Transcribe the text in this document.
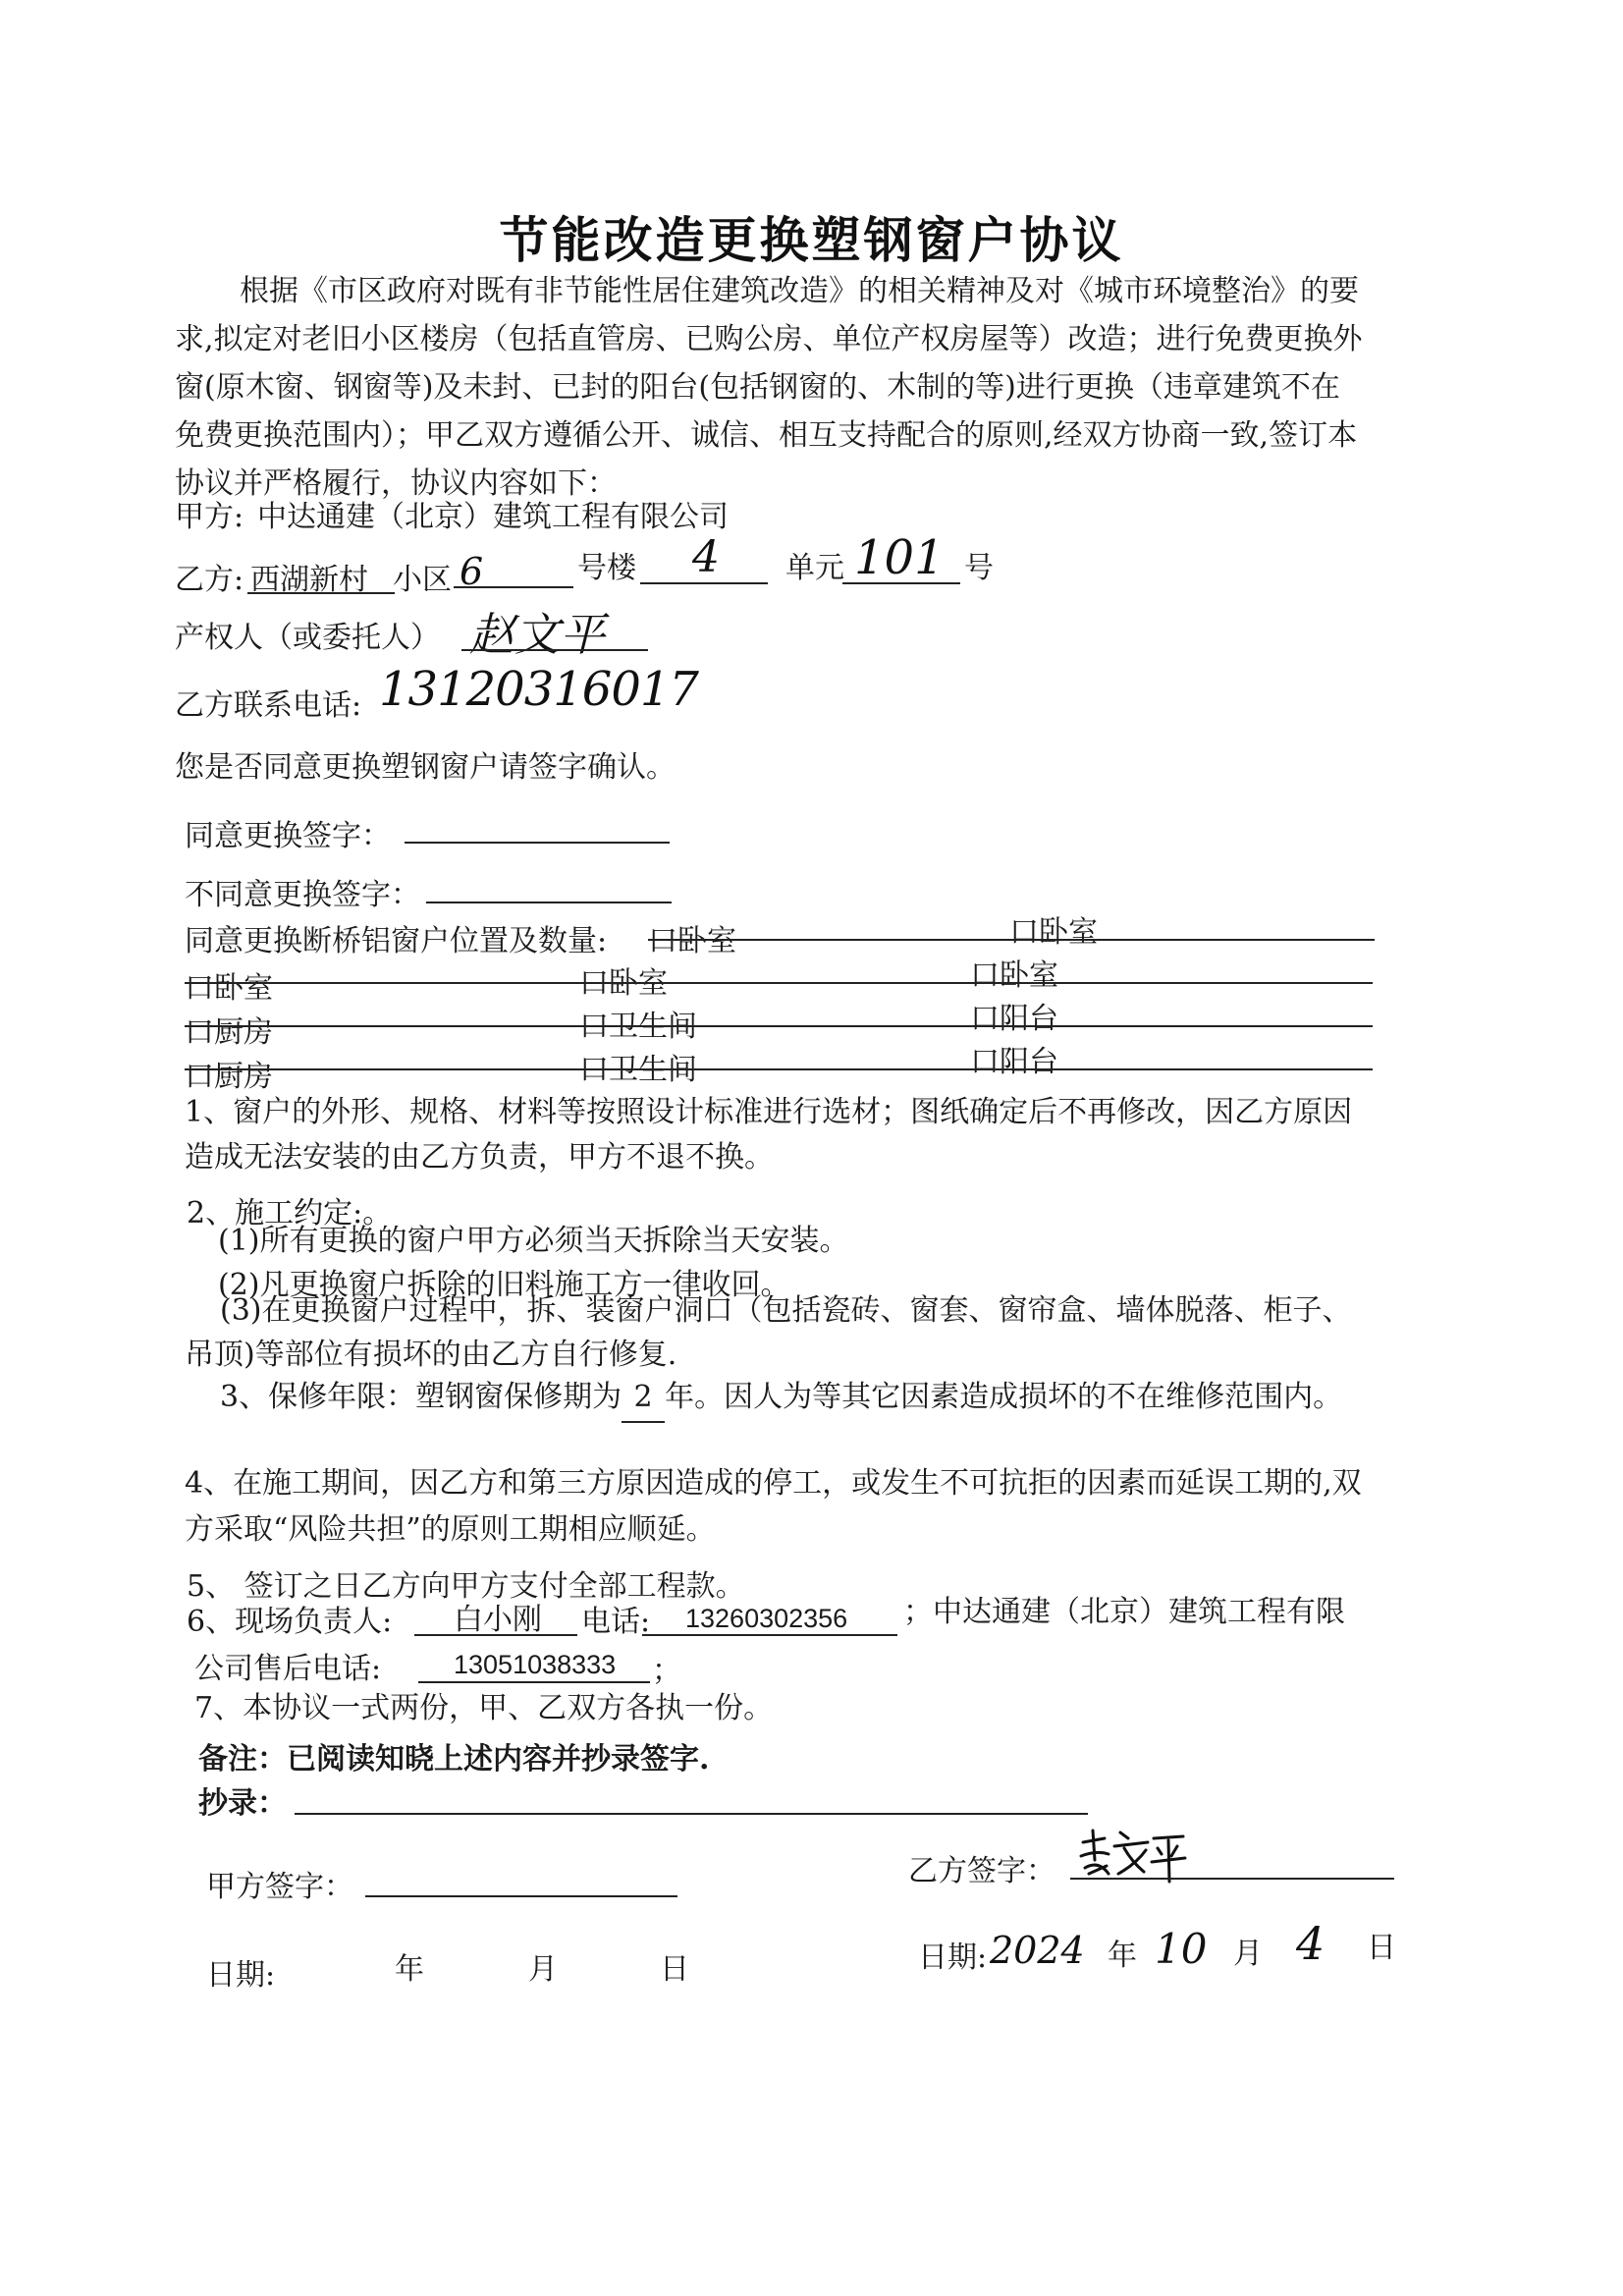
节能改造更换塑钢窗户协议
根据《市区政府对既有非节能性居住建筑改造》的相关精神及对《城市环境整治》的要求,拟定对老旧小区楼房（包括直管房、已购公房、单位产权房屋等）改造；进行免费更换外窗(原木窗、钢窗等)及未封、已封的阳台(包括钢窗的、木制的等)进行更换（违章建筑不在免费更换范围内）；甲乙双方遵循公开、诚信、相互支持配合的原则,经双方协商一致,签订本协议并严格履行，协议内容如下：
甲方: 中达通建（北京）建筑工程有限公司
乙方: 西湖新村 小区 6	号楼 4 单元 101 号
产权人（或委托人） 赵文平
乙方联系电话: 13120316017
您是否同意更换塑钢窗户请签字确认。
同意更换签字：
不同意更换签字：
同意更换断桥铝窗户位置及数量: 口卧室	口卧室
口卧室	口卧室	口卧室
口厨房	口卫生间	口阳台
口厨房	口卫生间	口阳台
1、窗户的外形、规格、材料等按照设计标准进行选材；图纸确定后不再修改，因乙方原因造成无法安装的由乙方负责，甲方不退不换。
2、施工约定:。
(1)所有更换的窗户甲方必须当天拆除当天安装。
(2)凡更换窗户拆除的旧料施工方一律收回。
(3)在更换窗户过程中，拆、装窗户洞口（包括瓷砖、窗套、窗帘盒、墙体脱落、柜子、吊顶)等部位有损坏的由乙方自行修复.
3、保修年限：塑钢窗保修期为 2 年。因人为等其它因素造成损坏的不在维修范围内。
4、在施工期间，因乙方和第三方原因造成的停工，或发生不可抗拒的因素而延误工期的,双方采取“风险共担”的原则工期相应顺延。
5、 签订之日乙方向甲方支付全部工程款。
6、现场负责人: 白小刚 电话: 13260302356 ；中达通建（北京）建筑工程有限
公司售后电话:	13051038333 ；
7、本协议一式两份，甲、乙双方各执一份。
备注：已阅读知晓上述内容并抄录签字.
抄录：
甲方签字：	乙方签字：
日期:	年	月	日	日期: 2024 年 10 月 4 日
